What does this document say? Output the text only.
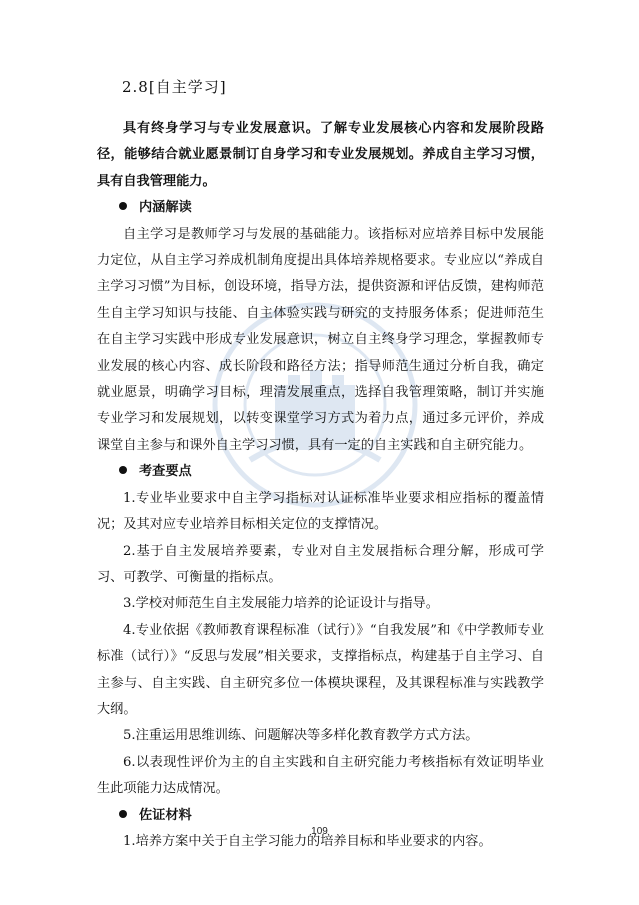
2.8[自主学习]

具有终身学习与专业发展意识。了解专业发展核心内容和发展阶段路径，能够结合就业愿景制订自身学习和专业发展规划。养成自主学习习惯，具有自我管理能力。

内涵解读

自主学习是教师学习与发展的基础能力。该指标对应培养目标中发展能力定位，从自主学习养成机制角度提出具体培养规格要求。专业应以“养成自主学习习惯”为目标，创设环境，指导方法，提供资源和评估反馈，建构师范生自主学习知识与技能、自主体验实践与研究的支持服务体系；促进师范生在自主学习实践中形成专业发展意识，树立自主终身学习理念，掌握教师专业发展的核心内容、成长阶段和路径方法；指导师范生通过分析自我，确定就业愿景，明确学习目标，理清发展重点，选择自我管理策略，制订并实施专业学习和发展规划，以转变课堂学习方式为着力点，通过多元评价，养成课堂自主参与和课外自主学习习惯，具有一定的自主实践和自主研究能力。

考查要点

1.专业毕业要求中自主学习指标对认证标准毕业要求相应指标的覆盖情况；及其对应专业培养目标相关定位的支撑情况。

2.基于自主发展培养要素，专业对自主发展指标合理分解，形成可学习、可教学、可衡量的指标点。

3.学校对师范生自主发展能力培养的论证设计与指导。

4.专业依据《教师教育课程标准（试行）》“自我发展”和《中学教师专业标准（试行）》“反思与发展”相关要求，支撑指标点，构建基于自主学习、自主参与、自主实践、自主研究多位一体模块课程，及其课程标准与实践教学大纲。

5.注重运用思维训练、问题解决等多样化教育教学方式方法。

6.以表现性评价为主的自主实践和自主研究能力考核指标有效证明毕业生此项能力达成情况。

佐证材料

1.培养方案中关于自主学习能力的培养目标和毕业要求的内容。

109
